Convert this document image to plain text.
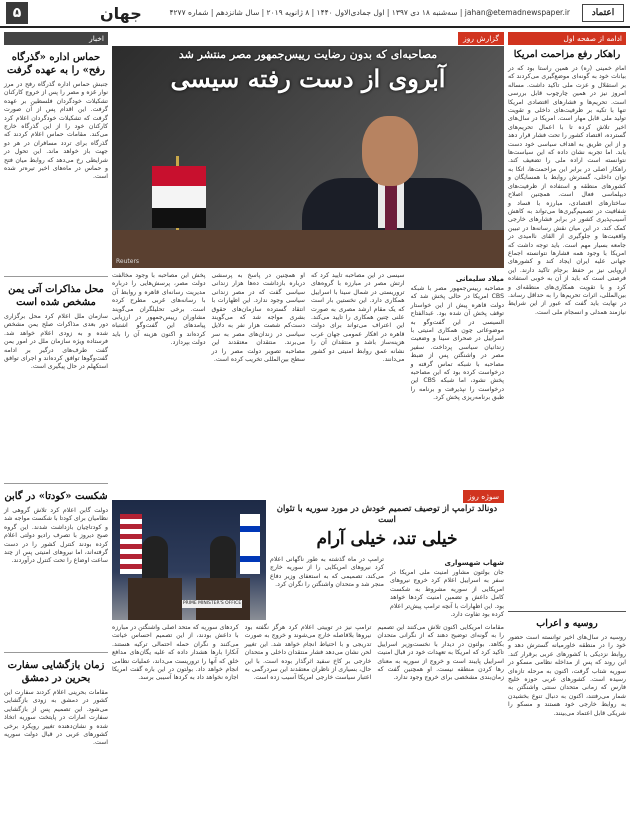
۵	جهان	jahan@etemadnewspaper.ir | سه‌شنبه ۱۸ دی ۱۳۹۷ | اول جمادی‌الاول ۱۴۴۰ | ۸ ژانویه ۲۰۱۹ | سال شانزدهم | شماره ۴۲۷۷	اعتماد
ادامه از صفحه اول
راهکار رفع مزاحمت امریکا
امام خمینی (ره) در همین راستا بود که در بیانات خود به گونه‌ای موضع‌گیری می‌کردند که بر استقلال و عزت ملی تاکید داشت. مساله امروز نیز در همین چارچوب قابل بررسی است. تحریم‌ها و فشارهای اقتصادی امریکا تنها با تکیه بر ظرفیت‌های داخلی و تقویت تولید ملی قابل مهار است. امریکا در سال‌های اخیر تلاش کرده تا با اعمال تحریم‌های گسترده، اقتصاد کشور را تحت فشار قرار دهد و از این طریق به اهداف سیاسی خود دست یابد. اما تجربه نشان داده که این سیاست‌ها نتوانسته است اراده ملی را تضعیف کند. راهکار اصلی در برابر این مزاحمت‌ها، اتکا به توان داخلی، گسترش روابط با همسایگان و کشورهای منطقه و استفاده از ظرفیت‌های دیپلماسی فعال است. همچنین اصلاح ساختارهای اقتصادی، مبارزه با فساد و شفافیت در تصمیم‌گیری‌ها می‌تواند به کاهش آسیب‌پذیری کشور در برابر فشارهای خارجی کمک کند. در این میان نقش رسانه‌ها در تبیین واقعیت‌ها و جلوگیری از القای ناامیدی در جامعه بسیار مهم است. باید توجه داشت که امریکا با وجود همه فشارها نتوانسته اجماع جهانی علیه ایران ایجاد کند و کشورهای اروپایی نیز بر حفظ برجام تاکید دارند. این فرصتی است که باید از آن به خوبی استفاده کرد و با تقویت همکاری‌های منطقه‌ای و بین‌المللی، اثرات تحریم‌ها را به حداقل رساند. در نهایت باید گفت که عبور از این شرایط نیازمند همدلی و انسجام ملی است.
روسیه و اعراب
روسیه در سال‌های اخیر توانسته است حضور خود را در منطقه خاورمیانه گسترش دهد و روابط نزدیکی با کشورهای عربی برقرار کند. این روند که پس از مداخله نظامی مسکو در سوریه شتاب گرفت، اکنون به مرحله تازه‌ای رسیده است. کشورهای عربی حوزه خلیج فارس که زمانی متحدان سنتی واشنگتن به شمار می‌رفتند، اکنون به دنبال تنوع بخشیدن به روابط خارجی خود هستند و مسکو را شریکی قابل اعتماد می‌بینند.
اخبار
حماس اداره «گذرگاه رفح» را به عهده گرفت
جنبش حماس اداره گذرگاه رفح در مرز نوار غزه و مصر را پس از خروج کارکنان تشکیلات خودگردان فلسطین بر عهده گرفت. این اقدام پس از آن صورت گرفت که تشکیلات خودگردان اعلام کرد کارکنان خود را از این گذرگاه خارج می‌کند. مقامات حماس اعلام کردند که گذرگاه برای تردد مسافران در هر دو جهت باز خواهد ماند. این تحول در شرایطی رخ می‌دهد که روابط میان فتح و حماس در ماه‌های اخیر تیره‌تر شده است.
محل مذاکرات آتی یمن مشخص شده است
سازمان ملل اعلام کرد محل برگزاری دور بعدی مذاکرات صلح یمن مشخص شده و به زودی اعلام خواهد شد. فرستاده ویژه سازمان ملل در امور یمن گفت طرف‌های درگیر بر ادامه گفت‌وگوها توافق کرده‌اند و اجرای توافق استکهلم در حال پیگیری است.
شکست «کودتا» در گابن
دولت گابن اعلام کرد تلاش گروهی از نظامیان برای کودتا با شکست مواجه شد و کودتاچیان بازداشت شدند. این گروه صبح دیروز با تصرف رادیو دولتی اعلام کرده بودند کنترل کشور را در دست گرفته‌اند، اما نیروهای امنیتی پس از چند ساعت اوضاع را تحت کنترل درآوردند.
زمان بازگشایی سفارت بحرین در دمشق
مقامات بحرینی اعلام کردند سفارت این کشور در دمشق به زودی بازگشایی می‌شود. این تصمیم پس از بازگشایی سفارت امارات در پایتخت سوریه اتخاذ شده و نشان‌دهنده تغییر رویکرد برخی کشورهای عربی در قبال دولت سوریه است.
گزارش روز
مصاحبه‌ای که بدون رضایت رییس‌جمهور مصر منتشر شد
آبروی از دست رفته سیسی
Reuters
میلاد سلیمانی
مصاحبه رییس‌جمهور مصر با شبکه CBS امریکا در حالی پخش شد که دولت قاهره پیش از این خواستار توقف پخش آن شده بود. عبدالفتاح السیسی در این گفت‌وگو به موضوعاتی چون همکاری امنیتی با اسراییل در صحرای سینا و وضعیت زندانیان سیاسی پرداخت. سفیر مصر در واشنگتن پس از ضبط مصاحبه با شبکه تماس گرفته و درخواست کرده بود که این مصاحبه پخش نشود، اما شبکه CBS این درخواست را نپذیرفت و برنامه را طبق برنامه‌ریزی پخش کرد.
سیسی در این مصاحبه تایید کرد که ارتش مصر در مبارزه با گروه‌های تروریستی در شمال سینا با اسراییل همکاری دارد. این نخستین بار است که یک مقام ارشد مصری به صورت علنی چنین همکاری را تایید می‌کند. این اعتراف می‌تواند برای دولت قاهره در افکار عمومی جهان عرب هزینه‌ساز باشد و منتقدان آن را نشانه عمق روابط امنیتی دو کشور می‌دانند.
او همچنین در پاسخ به پرسشی درباره بازداشت ده‌ها هزار زندانی سیاسی گفت که در مصر زندانی سیاسی وجود ندارد. این اظهارات با انتقاد گسترده سازمان‌های حقوق بشری مواجه شد که می‌گویند دست‌کم شصت هزار نفر به دلایل سیاسی در زندان‌های مصر به سر می‌برند. منتقدان معتقدند این مصاحبه تصویر دولت مصر را در سطح بین‌المللی تخریب کرده است.
پخش این مصاحبه با وجود مخالفت دولت مصر، پرسش‌هایی را درباره مدیریت رسانه‌ای قاهره و روابط آن با رسانه‌های غربی مطرح کرده است. برخی تحلیلگران می‌گویند مشاوران رییس‌جمهور در ارزیابی پیامدهای این گفت‌وگو اشتباه کرده‌اند و اکنون هزینه آن را باید دولت بپردازد.
سوژه روز
PRIME MINISTER'S OFFICE
دونالد ترامپ از توصیف تصمیم خودش در مورد سوریه با تئوان است
خیلی تند، خیلی آرام
شهاب شهسواری
جان بولتون مشاور امنیت ملی امریکا در سفر به اسراییل اعلام کرد خروج نیروهای امریکایی از سوریه مشروط به شکست کامل داعش و تضمین امنیت کردها خواهد بود. این اظهارات با آنچه ترامپ پیش‌تر اعلام کرده بود تفاوت دارد.
ترامپ در ماه گذشته به طور ناگهانی اعلام کرد نیروهای امریکایی را از سوریه خارج می‌کند، تصمیمی که به استعفای وزیر دفاع منجر شد و متحدان واشنگتن را نگران کرد.
مقامات امریکایی اکنون تلاش می‌کنند این تصمیم را به گونه‌ای توضیح دهند که از نگرانی متحدان بکاهد. بولتون در دیدار با نخست‌وزیر اسراییل تاکید کرد که امریکا به تعهدات خود در قبال امنیت اسراییل پایبند است و خروج از سوریه به معنای رها کردن منطقه نیست. او همچنین گفت که زمان‌بندی مشخصی برای خروج وجود ندارد.
ترامپ نیز در توییتی اعلام کرد هرگز نگفته بود نیروها بلافاصله خارج می‌شوند و خروج به صورت تدریجی و با احتیاط انجام خواهد شد. این تغییر لحن نشان می‌دهد فشار منتقدان داخلی و متحدان خارجی بر کاخ سفید اثرگذار بوده است. با این حال، بسیاری از ناظران معتقدند این سردرگمی به اعتبار سیاست خارجی امریکا آسیب زده است.
کردهای سوریه که متحد اصلی واشنگتن در مبارزه با داعش بودند، از این تصمیم احساس خیانت می‌کنند و نگران حمله احتمالی ترکیه هستند. آنکارا بارها هشدار داده که علیه یگان‌های مدافع خلق که آنها را تروریست می‌داند، عملیات نظامی انجام خواهد داد. بولتون در این باره گفت امریکا اجازه نخواهد داد به کردها آسیبی برسد.
